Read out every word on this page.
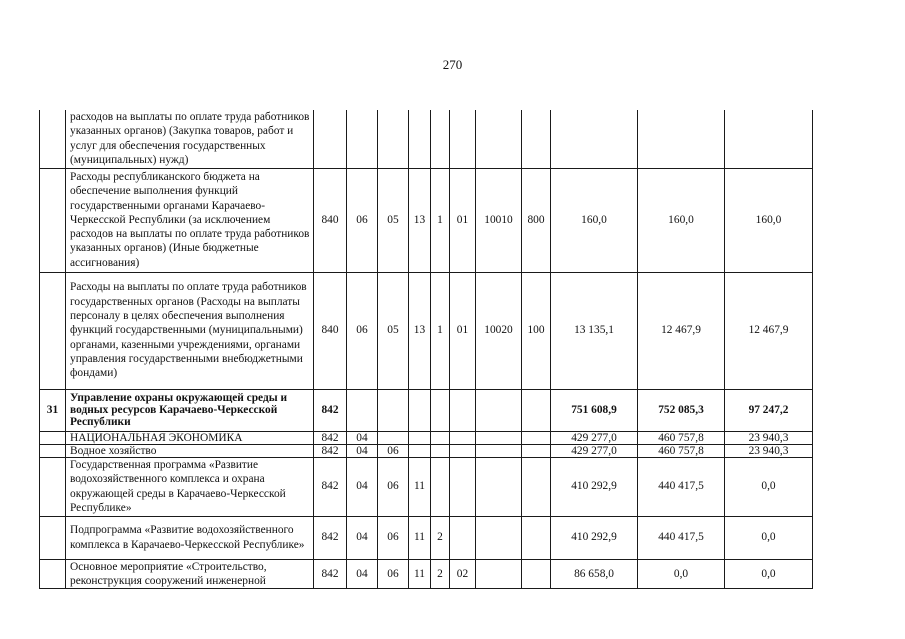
270
	расходов на выплаты по оплате труда работников указанных органов) (Закупка товаров, работ и услуг для обеспечения государственных (муниципальных) нужд)											
	Расходы республиканского бюджета на обеспечение выполнения функций государственными органами Карачаево-Черкесской Республики (за исключением расходов на выплаты по оплате труда работников указанных органов) (Иные бюджетные ассигнования)	840	06	05	13	1	01	10010	800	160,0	160,0	160,0
	Расходы на выплаты по оплате труда работников государственных органов (Расходы на выплаты персоналу в целях обеспечения выполнения функций государственными (муниципальными) органами, казенными учреждениями, органами управления государственными внебюджетными фондами)	840	06	05	13	1	01	10020	100	13 135,1	12 467,9	12 467,9
31	Управление охраны окружающей среды и водных ресурсов Карачаево-Черкесской Республики	842								751 608,9	752 085,3	97 247,2
	НАЦИОНАЛЬНАЯ ЭКОНОМИКА	842	04							429 277,0	460 757,8	23 940,3
	Водное хозяйство	842	04	06						429 277,0	460 757,8	23 940,3
	Государственная программа «Развитие водохозяйственного комплекса и охрана окружающей среды в Карачаево-Черкесской Республике»	842	04	06	11					410 292,9	440 417,5	0,0
	Подпрограмма «Развитие водохозяйственного комплекса в Карачаево-Черкесской Республике»	842	04	06	11	2				410 292,9	440 417,5	0,0
	Основное мероприятие «Строительство, реконструкция сооружений инженерной	842	04	06	11	2	02			86 658,0	0,0	0,0
